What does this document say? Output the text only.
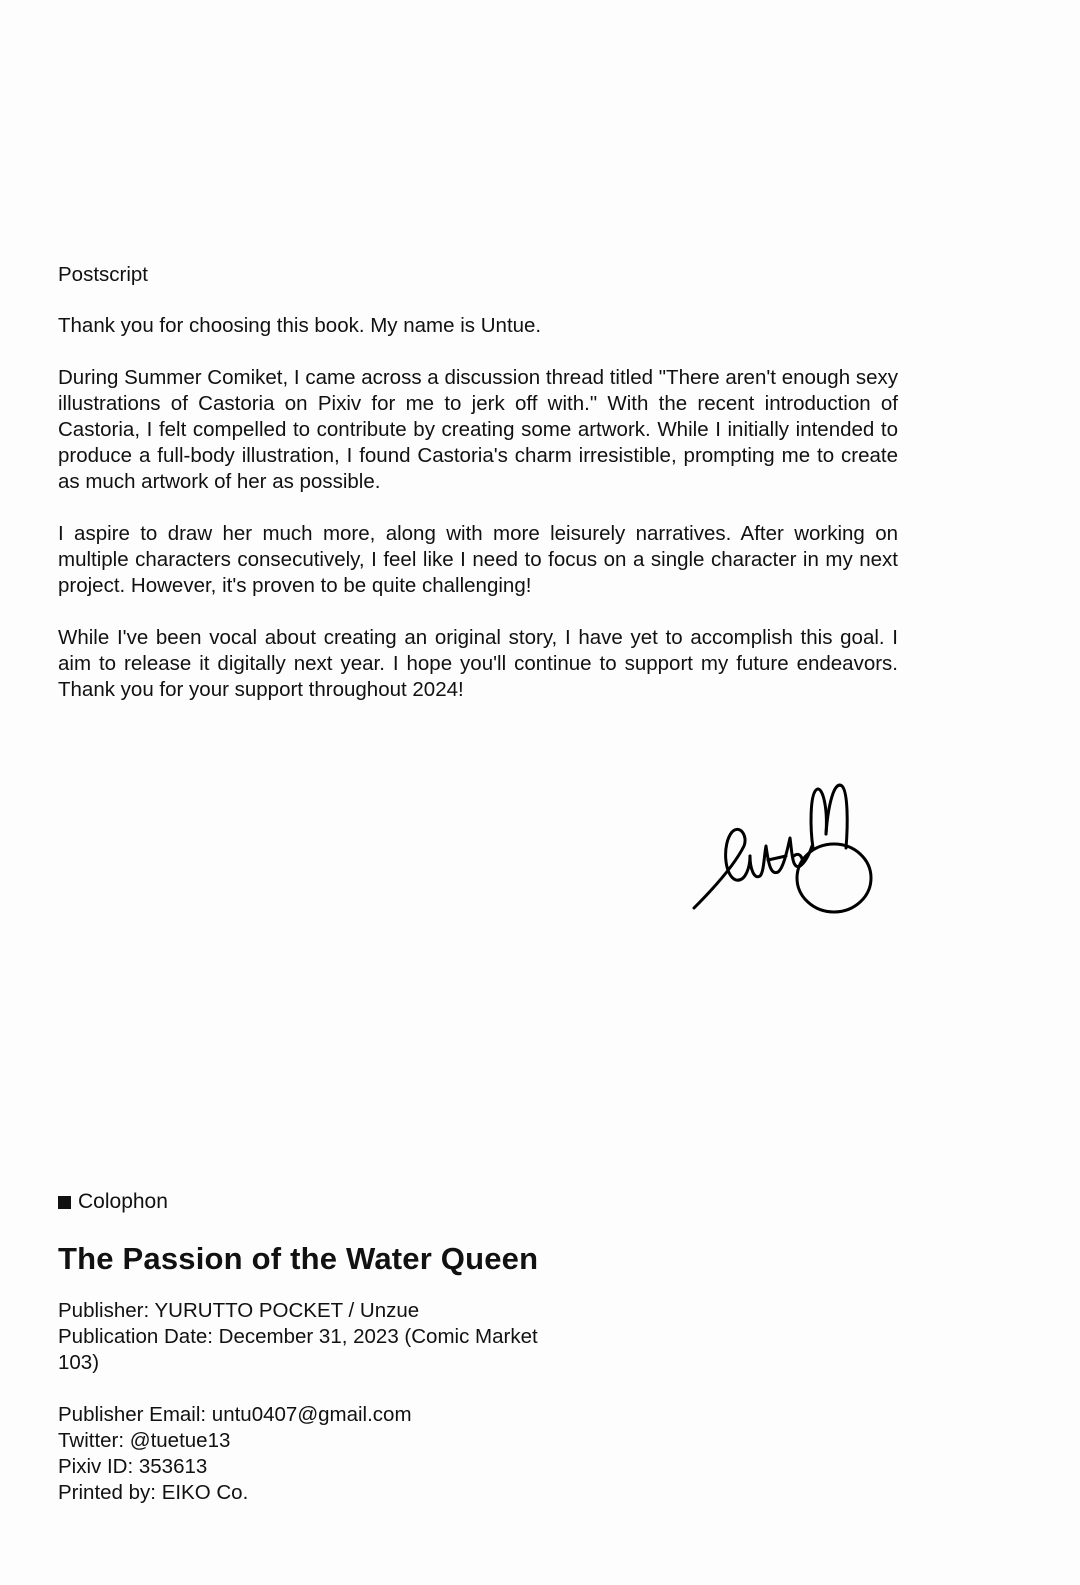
Postscript

Thank you for choosing this book. My name is Untue.

During Summer Comiket, I came across a discussion thread titled "There aren't enough sexy illustrations of Castoria on Pixiv for me to jerk off with." With the recent introduction of Castoria, I felt compelled to contribute by creating some artwork. While I initially intended to produce a full-body illustration, I found Castoria's charm irresistible, prompting me to create as much artwork of her as possible.

I aspire to draw her much more, along with more leisurely narratives. After working on multiple characters consecutively, I feel like I need to focus on a single character in my next project. However, it's proven to be quite challenging!

While I've been vocal about creating an original story, I have yet to accomplish this goal. I aim to release it digitally next year. I hope you'll continue to support my future endeavors. Thank you for your support throughout 2024!

Colophon
The Passion of the Water Queen
Publisher: YURUTTO POCKET / Unzue
Publication Date: December 31, 2023 (Comic Market 103)
Publisher Email: untu0407@gmail.com
Twitter: @tuetue13
Pixiv ID: 353613
Printed by: EIKO Co.
